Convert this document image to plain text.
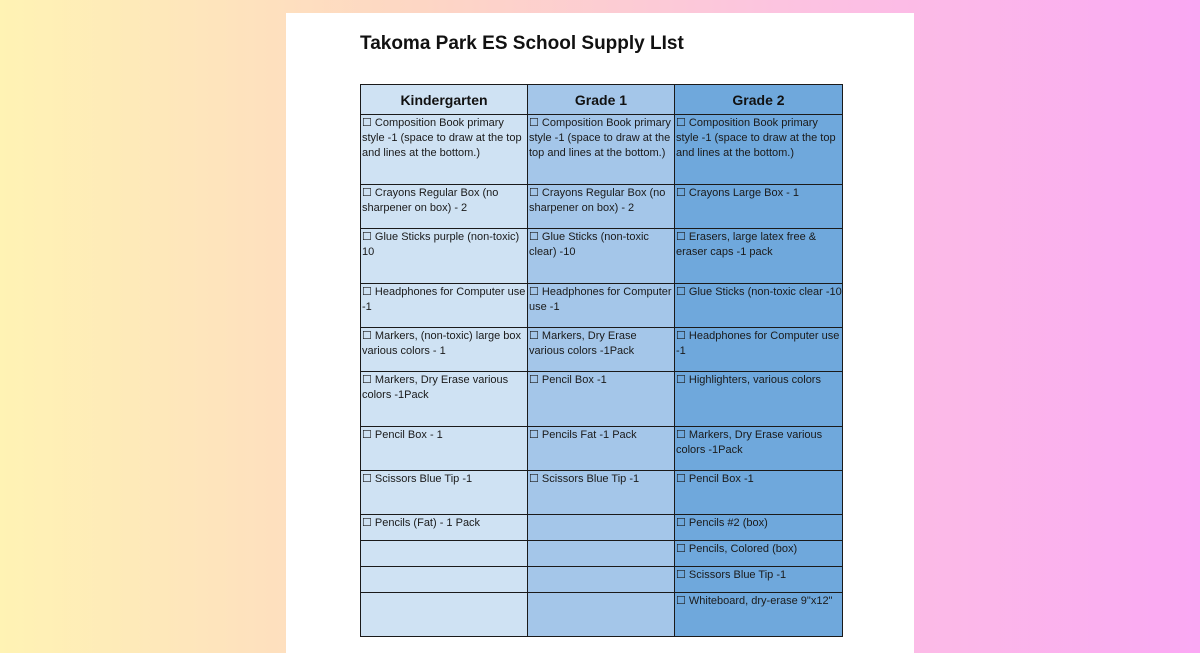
Takoma Park ES School Supply LIst
Kindergarten	Grade 1	Grade 2
☐ Composition Book primary style -1 (space to draw at the top and lines at the bottom.)	☐ Composition Book primary style -1 (space to draw at the top and lines at the bottom.)	☐ Composition Book primary style -1 (space to draw at the top and lines at the bottom.)
☐ Crayons Regular Box (no sharpener on box) - 2	☐ Crayons Regular Box (no sharpener on box) - 2	☐ Crayons Large Box - 1
☐ Glue Sticks purple (non-toxic) 10	☐ Glue Sticks (non-toxic clear) -10	☐ Erasers, large latex free & eraser caps -1 pack
☐ Headphones for Computer use -1	☐ Headphones for Computer use -1	☐ Glue Sticks (non-toxic clear -10
☐ Markers, (non-toxic) large box various colors - 1	☐ Markers, Dry Erase various colors -1Pack	☐ Headphones for Computer use -1
☐ Markers, Dry Erase various colors -1Pack	☐ Pencil Box -1	☐ Highlighters, various colors
☐ Pencil Box - 1	☐ Pencils Fat -1 Pack	☐ Markers, Dry Erase various colors -1Pack
☐ Scissors Blue Tip -1	☐ Scissors Blue Tip -1	☐ Pencil Box -1
☐ Pencils (Fat) - 1 Pack		☐ Pencils #2 (box)
		☐ Pencils, Colored (box)
		☐ Scissors Blue Tip -1
		☐ Whiteboard, dry-erase 9"x12"
